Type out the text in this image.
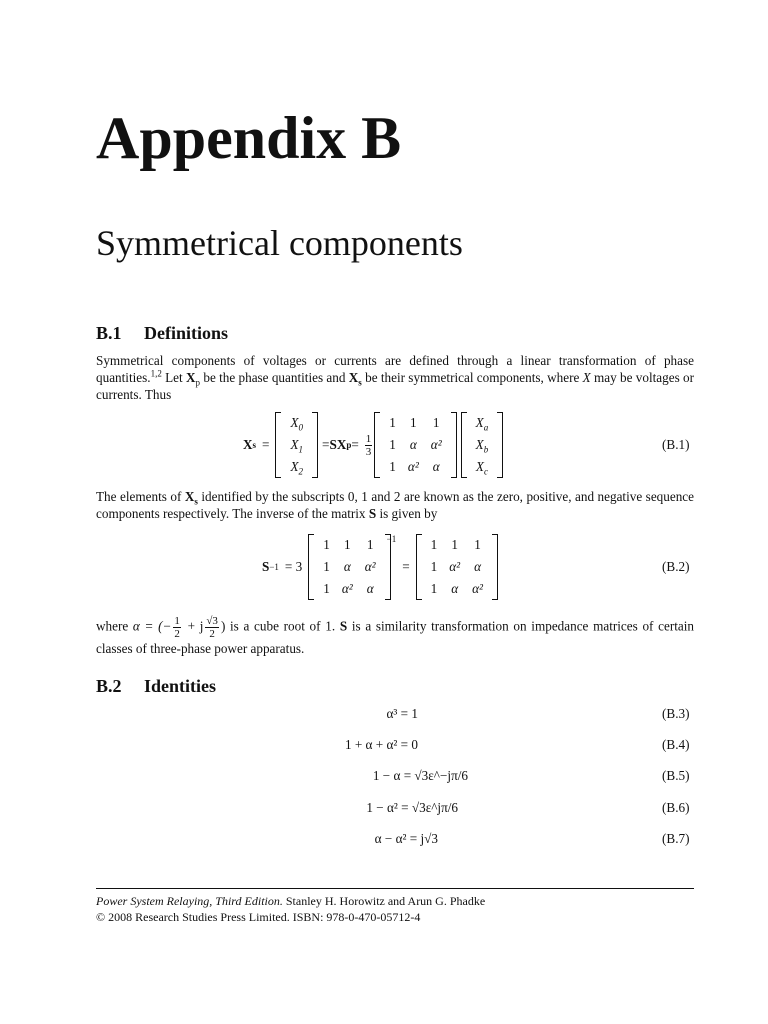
Appendix B
Symmetrical components
B.1 Definitions
Symmetrical components of voltages or currents are defined through a linear transformation of phase quantities.$^{1,2}$ Let $X_p$ be the phase quantities and $X_s$ be their symmetrical components, where X may be voltages or currents. Thus
X s =
$X_0$
$X_1$
$X_2$
= SX $p = \frac{1}{3}$
1	1	1
1	α	α²
1	α²	α
$X_a$
$X_b$
$X_c$
(B.1)
The elements of $X_s$ identified by the subscripts 0, 1 and 2 are known as the zero, positive, and negative sequence components respectively. The inverse of the matrix S is given by
S −1 = 3
1	1	1
1	α	α²
1	α²	α
−1
=
1	1	1
1	α²	α
1	α	α²
(B.2)
where α = (− $\frac{1}{2} + j \frac{√3}{2}$ ) is a cube root of 1. S is a similarity transformation on impedance matrices of certain classes of three-phase power apparatus.
B.2 Identities
α³ = 1	(B.3)
1 + α + α² = 0	(B.4)
1 − α = √3ε^−jπ/6	(B.5)
1 − α² = √3ε^jπ/6	(B.6)
α − α² = j√3	(B.7)
Power System Relaying, Third Edition. Stanley H. Horowitz and Arun G. Phadke
© 2008 Research Studies Press Limited. ISBN: 978-0-470-05712-4
